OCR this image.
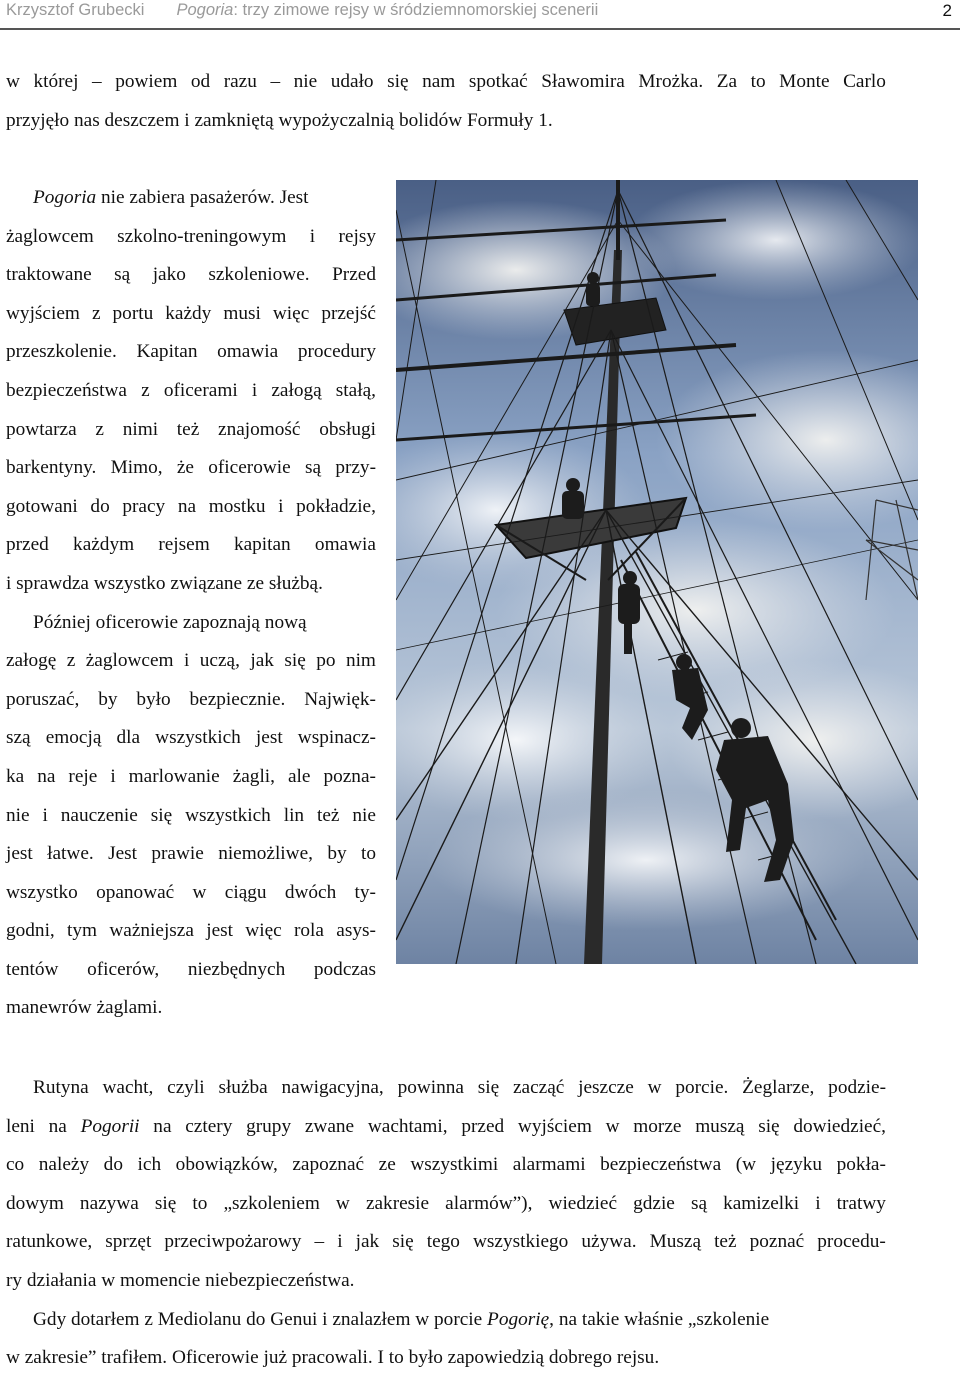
Krzysztof Grubecki Pogoria: trzy zimowe rejsy w śródziemnomorskiej scenerii	2
w której – powiem od razu – nie udało się nam spotkać Sławomira Mrożka. Za to Monte Carlo
przyjęło nas deszczem i zamkniętą wypożyczalnią bolidów Formuły 1.
Pogoria nie zabiera pasażerów. Jest
żaglowcem szkolno-treningowym i rejsy
traktowane są jako szkoleniowe. Przed
wyjściem z portu każdy musi więc przejść
przeszkolenie. Kapitan omawia procedury
bezpieczeństwa z oficerami i załogą stałą,
powtarza z nimi też znajomość obsługi
barkentyny. Mimo, że oficerowie są przy-
gotowani do pracy na mostku i pokładzie,
przed każdym rejsem kapitan omawia
i sprawdza wszystko związane ze służbą.
Później oficerowie zapoznają nową
załogę z żaglowcem i uczą, jak się po nim
poruszać, by było bezpiecznie. Najwięk-
szą emocją dla wszystkich jest wspinacz-
ka na reje i marlowanie żagli, ale pozna-
nie i nauczenie się wszystkich lin też nie
jest łatwe. Jest prawie niemożliwe, by to
wszystko opanować w ciągu dwóch ty-
godni, tym ważniejsza jest więc rola asys-
tentów oficerów, niezbędnych podczas
manewrów żaglami.
Rutyna wacht, czyli służba nawigacyjna, powinna się zacząć jeszcze w porcie. Żeglarze, podzie-
leni na Pogorii na cztery grupy zwane wachtami, przed wyjściem w morze muszą się dowiedzieć,
co należy do ich obowiązków, zapoznać ze wszystkimi alarmami bezpieczeństwa (w języku pokła-
dowym nazywa się to „szkoleniem w zakresie alarmów”), wiedzieć gdzie są kamizelki i tratwy
ratunkowe, sprzęt przeciwpożarowy – i jak się tego wszystkiego używa. Muszą też poznać procedu-
ry działania w momencie niebezpieczeństwa.
Gdy dotarłem z Mediolanu do Genui i znalazłem w porcie Pogorię, na takie właśnie „szkolenie
w zakresie” trafiłem. Oficerowie już pracowali. I to było zapowiedzią dobrego rejsu.
